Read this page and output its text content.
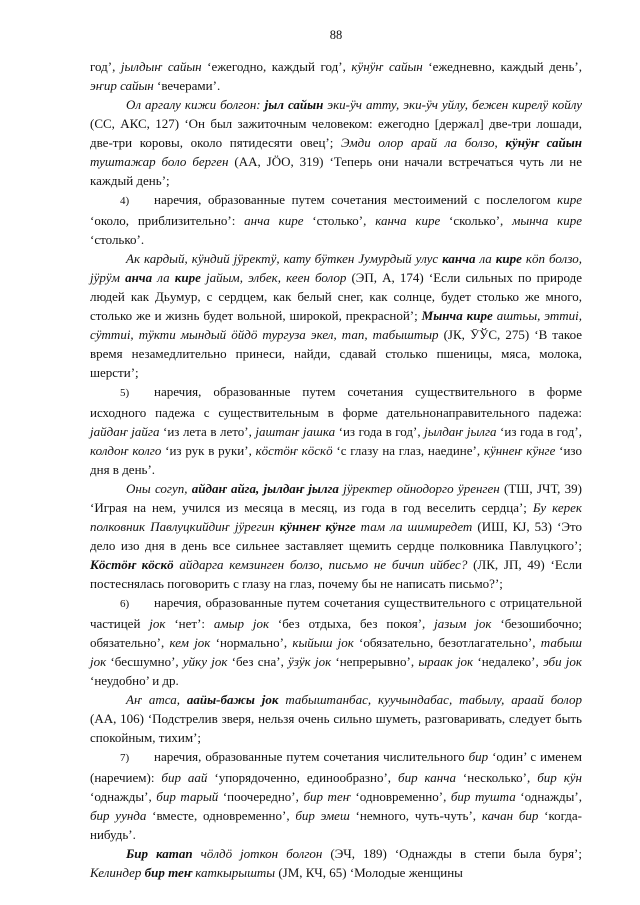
88

год’, jылдыҥ сайын ‘ежегодно, каждый год’, кӱнӱҥ сайын ‘ежедневно, каждый день’, эҥир сайын ‘вечерами’.

Ол аргалу кижи болгон: jыл сайын эки-ӱч атту, эки-ӱч уйлу, бежен кирелӱ койлу (СС, АКС, 127) ‘Он был зажиточным человеком: ежегодно [держал] две-три лошади, две-три коровы, около пятидесяти овец’; Эмди олор арай ла болзо, кӱнӱҥ сайын туштажар боло берген (АА, JÖO, 319) ‘Теперь они начали встречаться чуть ли не каждый день’;

4) наречия, образованные путем сочетания местоимений с послелогом кире ‘около, приблизительно’: анча кире ‘столько’, канча кире ‘сколько’, мынча кире ‘столько’.

Ак кардый, кӱндий jӱректӱ, кату бӱткен Jумурдый улус канча ла кире кӧп болзо, jӱрӱм анча ла кире jайым, элбек, кеен болор (ЭП, А, 174) ‘Если сильных по природе людей как Дьумур, с сердцем, как белый снег, как солнце, будет столько же много, столько же и жизнь будет вольной, широкой, прекрасной’; Мынча кире аштьы, эттиі, сӱттиі, тӱкти мындый ӧйдӧ тургуза экел, тап, табыштыр (JК, ӮЎС, 275) ‘В такое время незамедлительно принеси, найди, сдавай столько пшеницы, мяса, молока, шерсти’;

5) наречия, образованные путем сочетания существительного в форме исходного падежа с существительным в форме дательнонаправительного падежа: jайдаҥ jайга ‘из лета в лето’, jаштаҥ jашка ‘из года в год’, jылдаҥ jылга ‘из года в год’, колдоҥ колго ‘из рук в руки’, кӧстӧҥ кӧскӧ ‘с глазу на глаз, наедине’, кӱннеҥ кӱнге ‘изо дня в день’.

Оны согуп, айдаҥ айга, jылдаҥ jылга jӱректер ойнодорго ӱренген (ТШ, JЧТ, 39) ‘Играя на нем, учился из месяца в месяц, из года в год веселить сердца’; Бу керек полковник Павлуцкийдиҥ jӱрегин кӱннеҥ кӱнге там ла шимиредет (ИШ, КJ, 53) ‘Это дело изо дня в день все сильнее заставляет щемить сердце полковника Павлуцкого’; Кӧстӧҥ кӧскӧ айдарга кемзинген болзо, письмо не бичип ийбес? (ЛК, ЈП, 49) ‘Если постеснялась поговорить с глазу на глаз, почему бы не написать письмо?’;

6) наречия, образованные путем сочетания существительного с отрицательной частицей jок ‘нет’: амыр jок ‘без отдыха, без покоя’, jазым jок ‘безошибочно; обязательно’, кем jок ‘нормально’, кыйыш jок ‘обязательно, безотлагательно’, табыш jок ‘бесшумно’, уйку jок ‘без сна’, ӱзӱк jок ‘непрерывно’, ыраак jок ‘недалеко’, эби jок ‘неудобно’ и др.

Аҥ атса, ааӥы-бажы jок табыштанбас, куучындабас, табылу, араай болор (АА, 106) ‘Подстрелив зверя, нельзя очень сильно шуметь, разговаривать, следует быть спокойным, тихим’;

7) наречия, образованные путем сочетания числительного бир ‘один’ с именем (наречием): бир аай ‘упорядоченно, единообразно’, бир канча ‘несколько’, бир кӱн ‘однажды’, бир тарый ‘поочередно’, бир теҥ ‘одновременно’, бир тушта ‘однажды’, бир уунда ‘вместе, одновременно’, бир эмеш ‘немного, чуть-чуть’, качан бир ‘когда-нибудь’.

Бир катап чӧлдӧ jоткон болгон (ЭЧ, 189) ‘Однажды в степи была буря’; Келиндер бир теҥ каткырышты (JМ, КЧ, 65) ‘Молодые женщины
